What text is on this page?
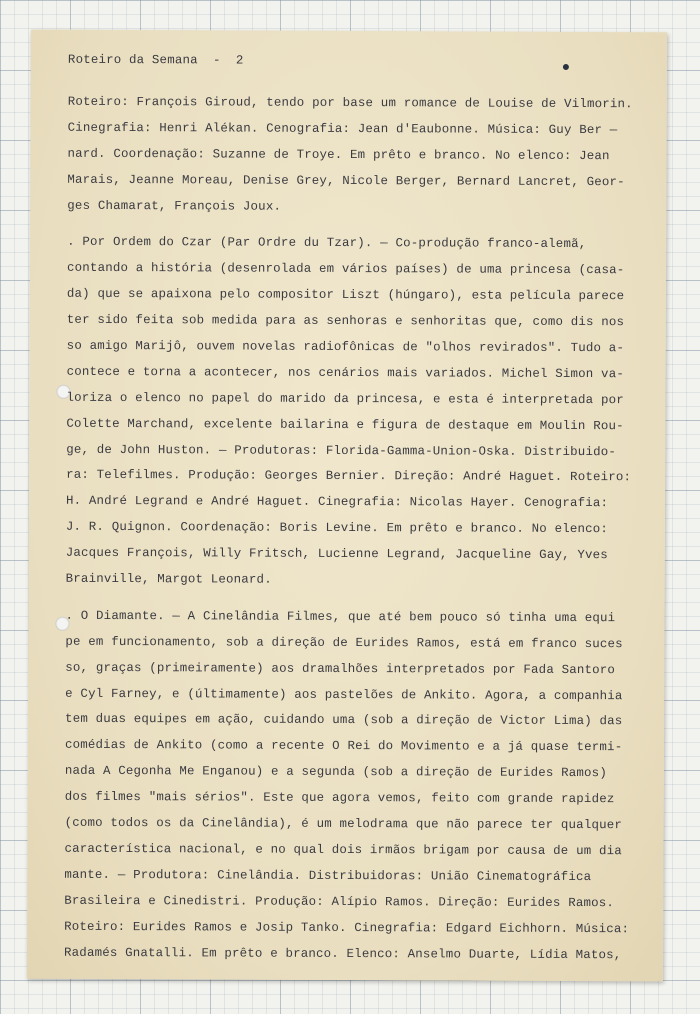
Roteiro da Semana  -  2
Roteiro: François Giroud, tendo por base um romance de Louise de Vilmorin.
Cinegrafia: Henri Alékan. Cenografia: Jean d'Eaubonne. Música: Guy Ber —
nard. Coordenação: Suzanne de Troye. Em prêto e branco. No elenco: Jean
Marais, Jeanne Moreau, Denise Grey, Nicole Berger, Bernard Lancret, Geor-
ges Chamarat, François Joux.
. Por Ordem do Czar (Par Ordre du Tzar). — Co-produção franco-alemã,
contando a história (desenrolada em vários países) de uma princesa (casa-
da) que se apaixona pelo compositor Liszt (húngaro), esta película parece
ter sido feita sob medida para as senhoras e senhoritas que, como dis nos
so amigo Marijô, ouvem novelas radiofônicas de "olhos revirados". Tudo a-
contece e torna a acontecer, nos cenários mais variados. Michel Simon va-
loriza o elenco no papel do marido da princesa, e esta é interpretada por
Colette Marchand, excelente bailarina e figura de destaque em Moulin Rou-
ge, de John Huston. — Produtoras: Florida-Gamma-Union-Oska. Distribuido-
ra: Telefilmes. Produção: Georges Bernier. Direção: André Haguet. Roteiro:
H. André Legrand e André Haguet. Cinegrafia: Nicolas Hayer. Cenografia:
J. R. Quignon. Coordenação: Boris Levine. Em prêto e branco. No elenco:
Jacques François, Willy Fritsch, Lucienne Legrand, Jacqueline Gay, Yves
Brainville, Margot Leonard.
. O Diamante. — A Cinelândia Filmes, que até bem pouco só tinha uma equi
pe em funcionamento, sob a direção de Eurides Ramos, está em franco suces
so, graças (primeiramente) aos dramalhões interpretados por Fada Santoro
e Cyl Farney, e (últimamente) aos pastelões de Ankito. Agora, a companhia
tem duas equipes em ação, cuidando uma (sob a direção de Victor Lima) das
comédias de Ankito (como a recente O Rei do Movimento e a já quase termi-
nada A Cegonha Me Enganou) e a segunda (sob a direção de Eurides Ramos)
dos filmes "mais sérios". Este que agora vemos, feito com grande rapidez
(como todos os da Cinelândia), é um melodrama que não parece ter qualquer
característica nacional, e no qual dois irmãos brigam por causa de um dia
mante. — Produtora: Cinelândia. Distribuidoras: União Cinematográfica
Brasileira e Cinedistri. Produção: Alípio Ramos. Direção: Eurides Ramos.
Roteiro: Eurides Ramos e Josip Tanko. Cinegrafia: Edgard Eichhorn. Música:
Radamés Gnatalli. Em prêto e branco. Elenco: Anselmo Duarte, Lídia Matos,
